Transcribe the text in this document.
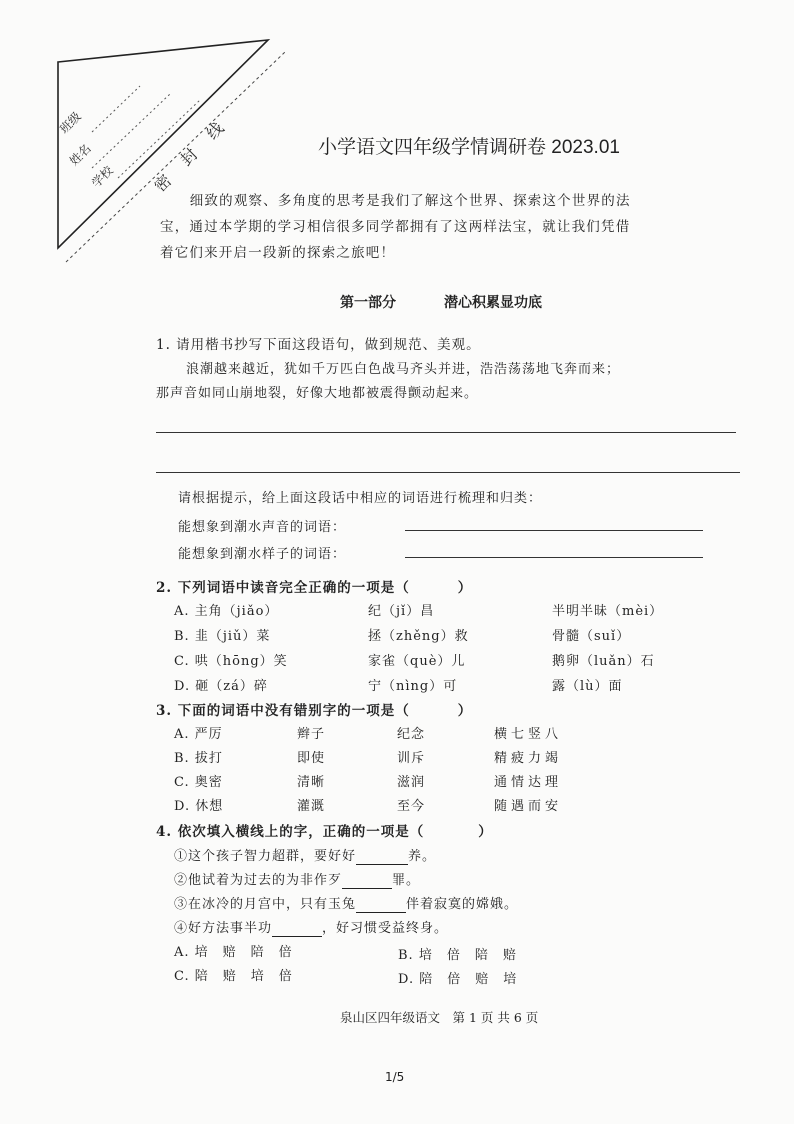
班级
姓名
学校 密 封 线	小学语文四年级学情调研卷 2023.01

细致的观察、多角度的思考是我们了解这个世界、探索这个世界的法

宝，通过本学期的学习相信很多同学都拥有了这两样法宝，就让我们凭借

着它们来开启一段新的探索之旅吧！

第一部分	潜心积累显功底
1. 请用楷书抄写下面这段语句，做到规范、美观。
浪潮越来越近，犹如千万匹白色战马齐头并进，浩浩荡荡地飞奔而来；
那声音如同山崩地裂，好像大地都被震得颤动起来。
请根据提示，给上面这段话中相应的词语进行梳理和归类：
能想象到潮水声音的词语：
能想象到潮水样子的词语：
2. 下列词语中读音完全正确的一项是（	）
A. 主角（jiǎo）	纪（jǐ）昌	半明半昧（mèi）
B. 韭（jiǔ）菜	拯（zhěng）救	骨髓（suǐ）
C. 哄（hōng）笑	家雀（què）儿	鹅卵（luǎn）石
D. 砸（zá）碎	宁（nìng）可	露（lù）面
3. 下面的词语中没有错别字的一项是（	）
A. 严厉	辫子	纪念	横七竖八
B. 拔打	即使	训斥	精疲力竭
C. 奥密	清晰	滋润	通情达理
D. 休想	灌溉	至今	随遇而安
4. 依次填入横线上的字，正确的一项是（	）
①这个孩子智力超群，要好好	养。
②他试着为过去的为非作歹	罪。
③在冰冷的月宫中，只有玉兔	伴着寂寞的嫦娥。
④好方法事半功	，好习惯受益终身。
A. 培　赔　陪　倍	B. 培　倍　陪　赔
C. 陪　赔　培　倍	D. 陪　倍　赔　培
泉山区四年级语文　第 1 页 共 6 页
1/5
